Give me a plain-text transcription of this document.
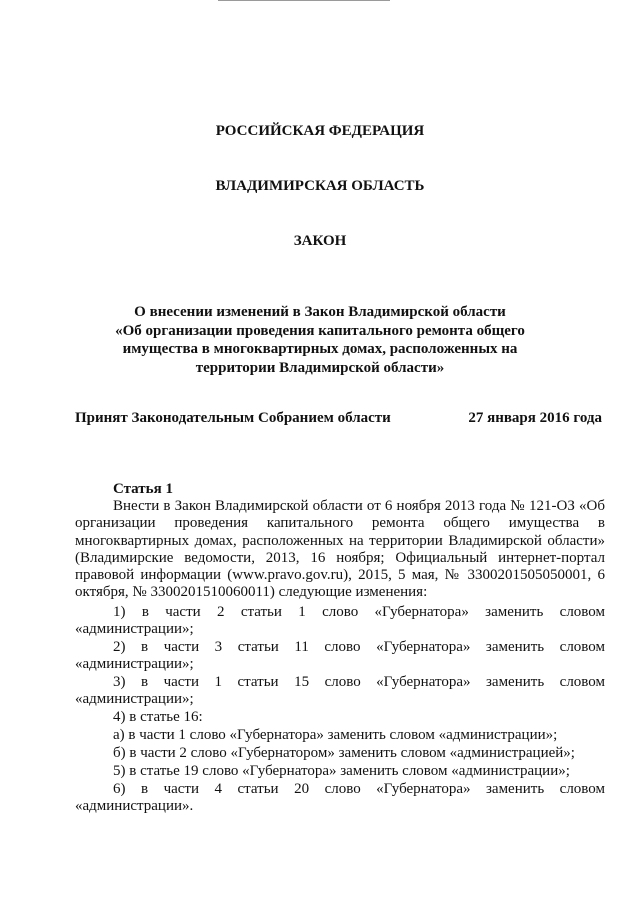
РОССИЙСКАЯ ФЕДЕРАЦИЯ
ВЛАДИМИРСКАЯ ОБЛАСТЬ
ЗАКОН
О внесении изменений в Закон Владимирской области
«Об организации проведения капитального ремонта общего
имущества в многоквартирных домах, расположенных на
территории Владимирской области»
Принят Законодательным Собранием области	27 января 2016 года
Статья 1
Внести в Закон Владимирской области от 6 ноября 2013 года № 121-ОЗ «Об
организации проведения капитального ремонта общего имущества в
многоквартирных домах, расположенных на территории Владимирской области»
(Владимирские ведомости, 2013, 16 ноября; Официальный интернет-портал
правовой информации (www.pravo.gov.ru), 2015, 5 мая, № 3300201505050001, 6
октября, № 3300201510060011) следующие изменения:
1) в части 2 статьи 1 слово «Губернатора» заменить словом
«администрации»;
2) в части 3 статьи 11 слово «Губернатора» заменить словом
«администрации»;
3) в части 1 статьи 15 слово «Губернатора» заменить словом
«администрации»;
4) в статье 16:
а) в части 1 слово «Губернатора» заменить словом «администрации»;
б) в части 2 слово «Губернатором» заменить словом «администрацией»;
5) в статье 19 слово «Губернатора» заменить словом «администрации»;
6) в части 4 статьи 20 слово «Губернатора» заменить словом
«администрации».
